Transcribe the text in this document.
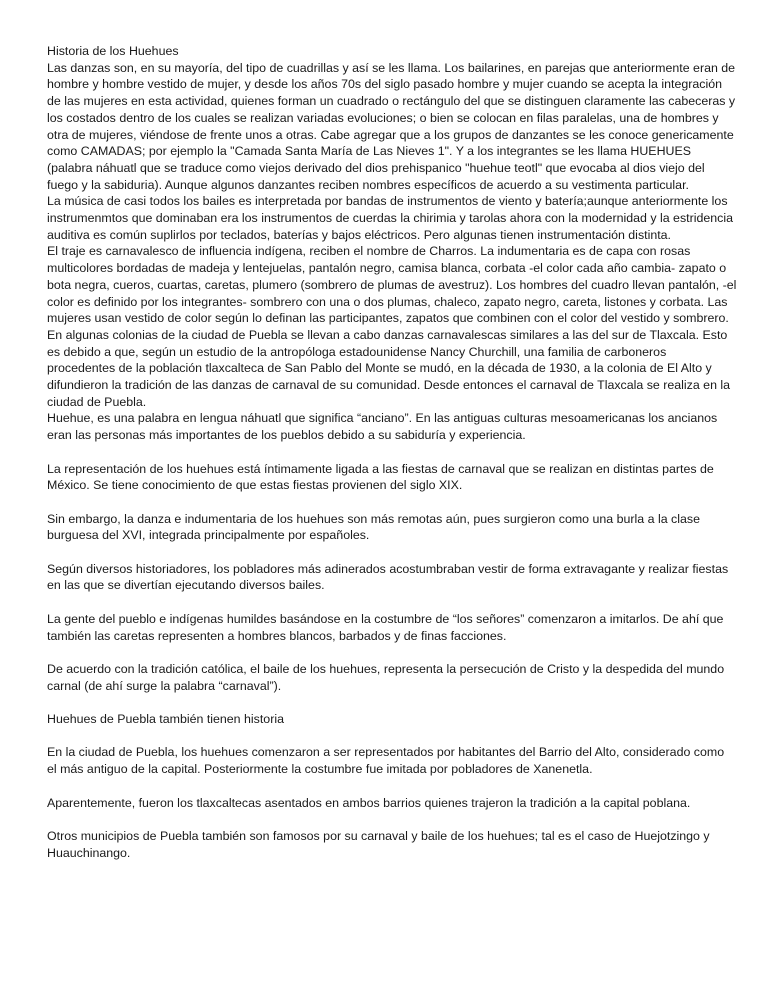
Historia de los Huehues

Las danzas son, en su mayoría, del tipo de cuadrillas y así se les llama. Los bailarines, en parejas que anteriormente eran de hombre y hombre vestido de mujer, y desde los años 70s del siglo pasado hombre y mujer cuando se acepta la integración de las mujeres en esta actividad, quienes forman un cuadrado o rectángulo del que se distinguen claramente las cabeceras y los costados dentro de los cuales se realizan variadas evoluciones; o bien se colocan en filas paralelas, una de hombres y otra de mujeres, viéndose de frente unos a otras. Cabe agregar que a los grupos de danzantes se les conoce genericamente como CAMADAS; por ejemplo la "Camada Santa María de Las Nieves 1". Y a los integrantes se les llama HUEHUES (palabra náhuatl que se traduce como viejos derivado del dios prehispanico "huehue teotl" que evocaba al dios viejo del fuego y la sabiduria). Aunque algunos danzantes reciben nombres específicos de acuerdo a su vestimenta particular.

La música de casi todos los bailes es interpretada por bandas de instrumentos de viento y batería;aunque anteriormente los instrumenmtos que dominaban era los instrumentos de cuerdas la chirimia y tarolas ahora con la modernidad y la estridencia auditiva es común suplirlos por teclados, baterías y bajos eléctricos. Pero algunas tienen instrumentación distinta.

El traje es carnavalesco de influencia indígena, reciben el nombre de Charros. La indumentaria es de capa con rosas multicolores bordadas de madeja y lentejuelas, pantalón negro, camisa blanca, corbata -el color cada año cambia- zapato o bota negra, cueros, cuartas, caretas, plumero (sombrero de plumas de avestruz). Los hombres del cuadro llevan pantalón, -el color es definido por los integrantes- sombrero con una o dos plumas, chaleco, zapato negro, careta, listones y corbata. Las mujeres usan vestido de color según lo definan las participantes, zapatos que combinen con el color del vestido y sombrero.

En algunas colonias de la ciudad de Puebla se llevan a cabo danzas carnavalescas similares a las del sur de Tlaxcala. Esto es debido a que, según un estudio de la antropóloga estadounidense Nancy Churchill, una familia de carboneros procedentes de la población tlaxcalteca de San Pablo del Monte se mudó, en la década de 1930, a la colonia de El Alto y difundieron la tradición de las danzas de carnaval de su comunidad. Desde entonces el carnaval de Tlaxcala se realiza en la ciudad de Puebla.

Huehue, es una palabra en lengua náhuatl que significa “anciano”. En las antiguas culturas mesoamericanas los ancianos eran las personas más importantes de los pueblos debido a su sabiduría y experiencia.

La representación de los huehues está íntimamente ligada a las fiestas de carnaval que se realizan en distintas partes de México. Se tiene conocimiento de que estas fiestas provienen del siglo XIX.

Sin embargo, la danza e indumentaria de los huehues son más remotas aún, pues surgieron como una burla a la clase burguesa del XVI, integrada principalmente por españoles.

Según diversos historiadores, los pobladores más adinerados acostumbraban vestir de forma extravagante y realizar fiestas en las que se divertían ejecutando diversos bailes.

La gente del pueblo e indígenas humildes basándose en la costumbre de “los señores” comenzaron a imitarlos. De ahí que también las caretas representen a hombres blancos, barbados y de finas facciones.

De acuerdo con la tradición católica, el baile de los huehues, representa la persecución de Cristo y la despedida del mundo carnal (de ahí surge la palabra “carnaval”).

Huehues de Puebla también tienen historia

En la ciudad de Puebla, los huehues comenzaron a ser representados por habitantes del Barrio del Alto, considerado como el más antiguo de la capital. Posteriormente la costumbre fue imitada por pobladores de Xanenetla.

Aparentemente, fueron los tlaxcaltecas asentados en ambos barrios quienes trajeron la tradición a la capital poblana.

Otros municipios de Puebla también son famosos por su carnaval y baile de los huehues; tal es el caso de Huejotzingo y Huauchinango.
